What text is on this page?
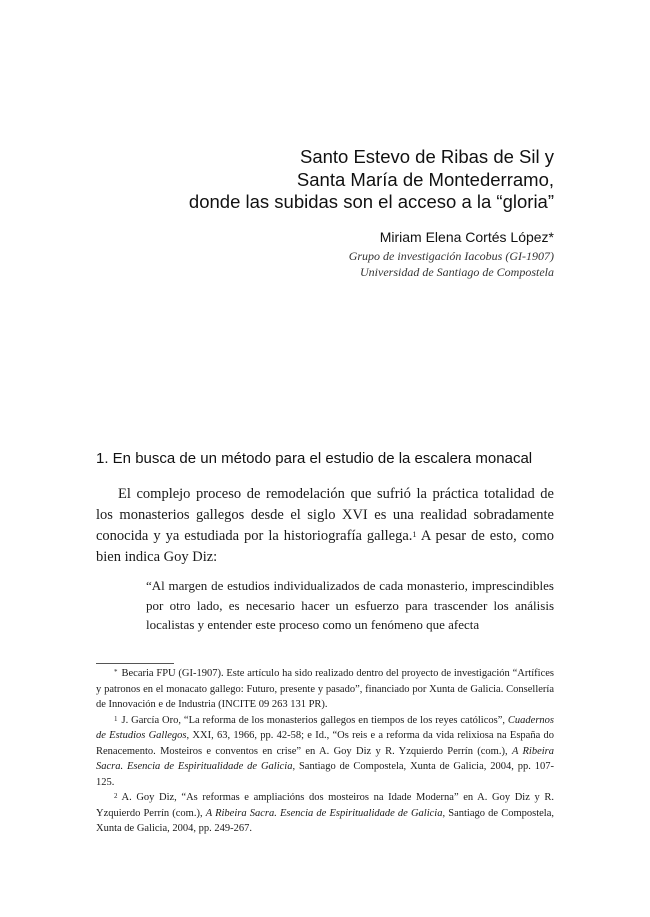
Santo Estevo de Ribas de Sil y
Santa María de Montederramo,
donde las subidas son el acceso a la “gloria”
Miriam Elena Cortés López*
Grupo de investigación Iacobus (GI-1907)
Universidad de Santiago de Compostela
1. En busca de un método para el estudio de la escalera monacal
El complejo proceso de remodelación que sufrió la práctica totalidad de los monasterios gallegos desde el siglo XVI es una realidad sobradamente conocida y ya estudiada por la historiografía gallega.$^1$ A pesar de esto, como bien indica Goy Diz:
“Al margen de estudios individualizados de cada monasterio, imprescindibles por otro lado, es necesario hacer un esfuerzo para trascender los análisis localistas y entender este proceso como un fenómeno que afecta

* Becaria FPU (GI-1907). Este artículo ha sido realizado dentro del proyecto de investigación “Artífices y patronos en el monacato gallego: Futuro, presente y pasado”, financiado por Xunta de Galicia. Consellería de Innovación e de Industria (INCITE 09 263 131 PR).

$^1$ J. García Oro, “La reforma de los monasterios gallegos en tiempos de los reyes católicos”, Cuadernos de Estudios Gallegos, XXI, 63, 1966, pp. 42-58; e Id., “Os reis e a reforma da vida relixiosa na España do Renacemento. Mosteiros e conventos en crise” en A. Goy Diz y R. Yzquierdo Perrín (com.), A Ribeira Sacra. Esencia de Espiritualidade de Galicia, Santiago de Compostela, Xunta de Galicia, 2004, pp. 107-125.

$^2$ A. Goy Diz, “As reformas e ampliacións dos mosteiros na Idade Moderna” en A. Goy Diz y R. Yzquierdo Perrín (com.), A Ribeira Sacra. Esencia de Espiritualidade de Galicia, Santiago de Compostela, Xunta de Galicia, 2004, pp. 249-267.
